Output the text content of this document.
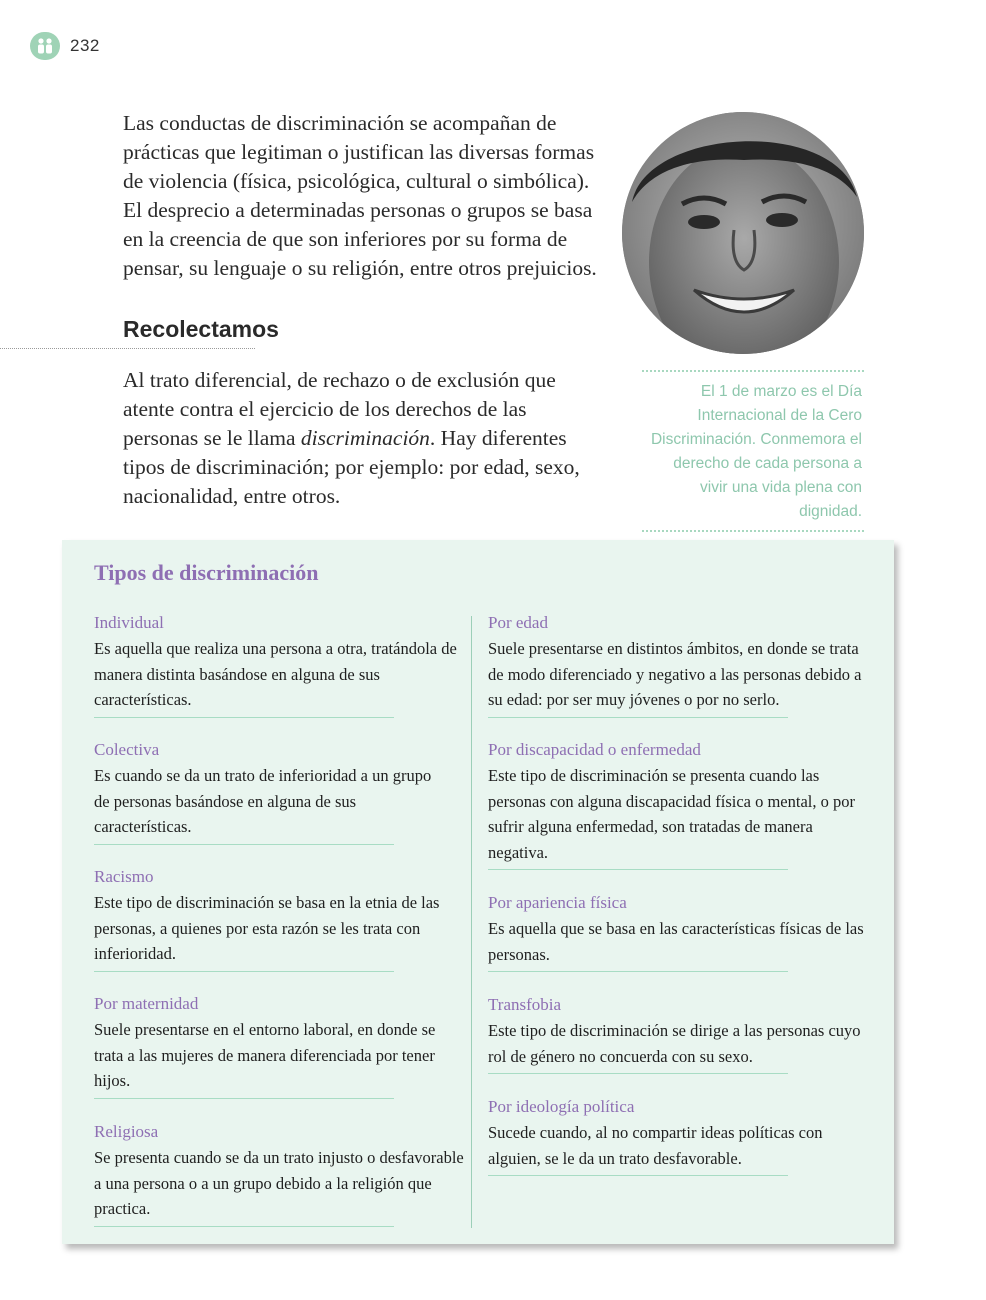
232

Las conductas de discriminación se acompañan de prácticas que legitiman o justifican las diversas formas de violencia (física, psicológica, cultural o simbólica). El desprecio a determinadas personas o grupos se basa en la creencia de que son inferiores por su forma de pensar, su lenguaje o su religión, entre otros prejuicios.

Recolectamos

Al trato diferencial, de rechazo o de exclusión que atente contra el ejercicio de los derechos de las personas se le llama discriminación. Hay diferentes tipos de discriminación; por ejemplo: por edad, sexo, nacionalidad, entre otros.

El 1 de marzo es el Día Internacional de la Cero Discriminación. Conmemora el derecho de cada persona a vivir una vida plena con dignidad.
Tipos de discriminación
Individual
Es aquella que realiza una persona a otra, tratándola de manera distinta basándose en alguna de sus características.
Colectiva
Es cuando se da un trato de inferioridad a un grupo de personas basándose en alguna de sus características.
Racismo
Este tipo de discriminación se basa en la etnia de las personas, a quienes por esta razón se les trata con inferioridad.
Por maternidad
Suele presentarse en el entorno laboral, en donde se trata a las mujeres de manera diferenciada por tener hijos.
Religiosa
Se presenta cuando se da un trato injusto o desfavorable a una persona o a un grupo debido a la religión que practica.
Por edad
Suele presentarse en distintos ámbitos, en donde se trata de modo diferenciado y negativo a las personas debido a su edad: por ser muy jóvenes o por no serlo.
Por discapacidad o enfermedad
Este tipo de discriminación se presenta cuando las personas con alguna discapacidad física o mental, o por sufrir alguna enfermedad, son tratadas de manera negativa.
Por apariencia física
Es aquella que se basa en las características físicas de las personas.
Transfobia
Este tipo de discriminación se dirige a las personas cuyo rol de género no concuerda con su sexo.
Por ideología política
Sucede cuando, al no compartir ideas políticas con alguien, se le da un trato desfavorable.
